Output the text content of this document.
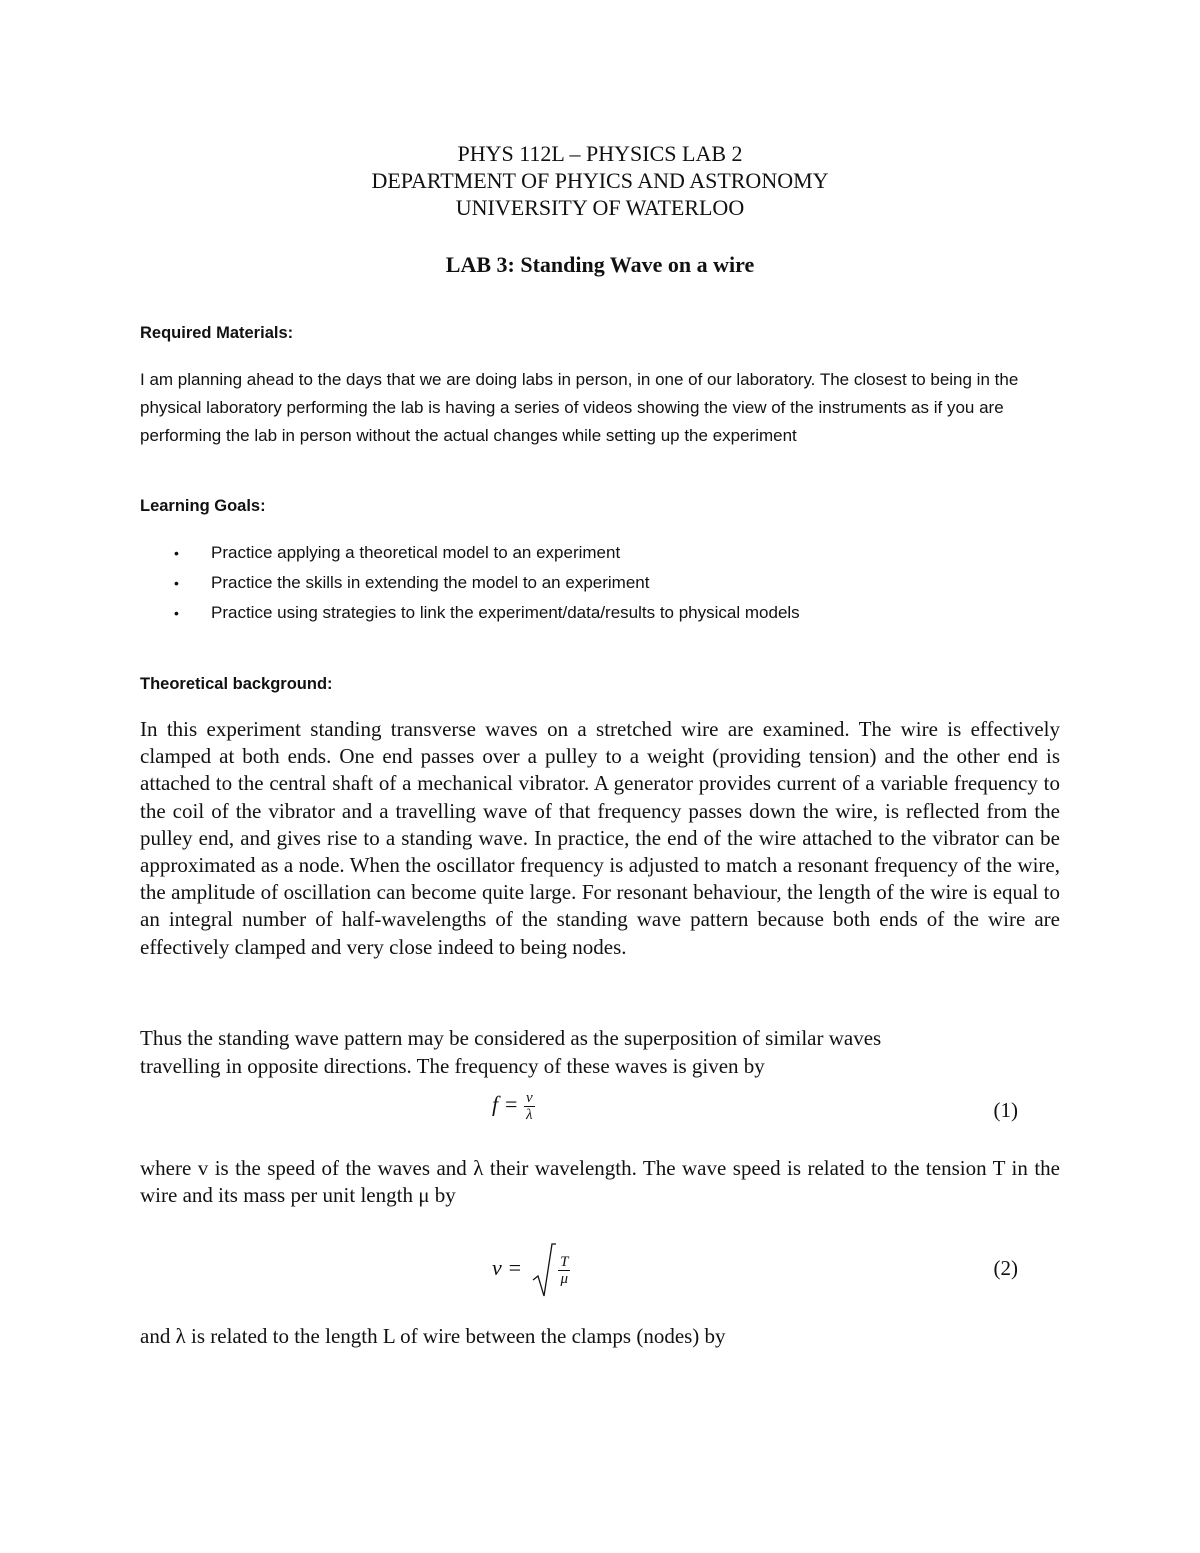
PHYS 112L – PHYSICS LAB 2
DEPARTMENT OF PHYICS AND ASTRONOMY
UNIVERSITY OF WATERLOO
LAB 3: Standing Wave on a wire
Required Materials:
I am planning ahead to the days that we are doing labs in person, in one of our laboratory. The closest to being in the physical laboratory performing the lab is having a series of videos showing the view of the instruments as if you are performing the lab in person without the actual changes while setting up the experiment
Learning Goals:
• Practice applying a theoretical model to an experiment
• Practice the skills in extending the model to an experiment
• Practice using strategies to link the experiment/data/results to physical models
Theoretical background:
In this experiment standing transverse waves on a stretched wire are examined. The wire is effectively clamped at both ends. One end passes over a pulley to a weight (providing tension) and the other end is attached to the central shaft of a mechanical vibrator. A generator provides current of a variable frequency to the coil of the vibrator and a travelling wave of that frequency passes down the wire, is reflected from the pulley end, and gives rise to a standing wave. In practice, the end of the wire attached to the vibrator can be approximated as a node. When the oscillator frequency is adjusted to match a resonant frequency of the wire, the amplitude of oscillation can become quite large. For resonant behaviour, the length of the wire is equal to an integral number of half-wavelengths of the standing wave pattern because both ends of the wire are effectively clamped and very close indeed to being nodes.
Thus the standing wave pattern may be considered as the superposition of similar waves
travelling in opposite directions. The frequency of these waves is given by
$f = \frac{v}{\lambda}$	(1)
where v is the speed of the waves and λ their wavelength. The wave speed is related to the tension T in the wire and its mass per unit length μ by
$v = \frac{T}{\mu}$	(2)
and λ is related to the length L of wire between the clamps (nodes) by
